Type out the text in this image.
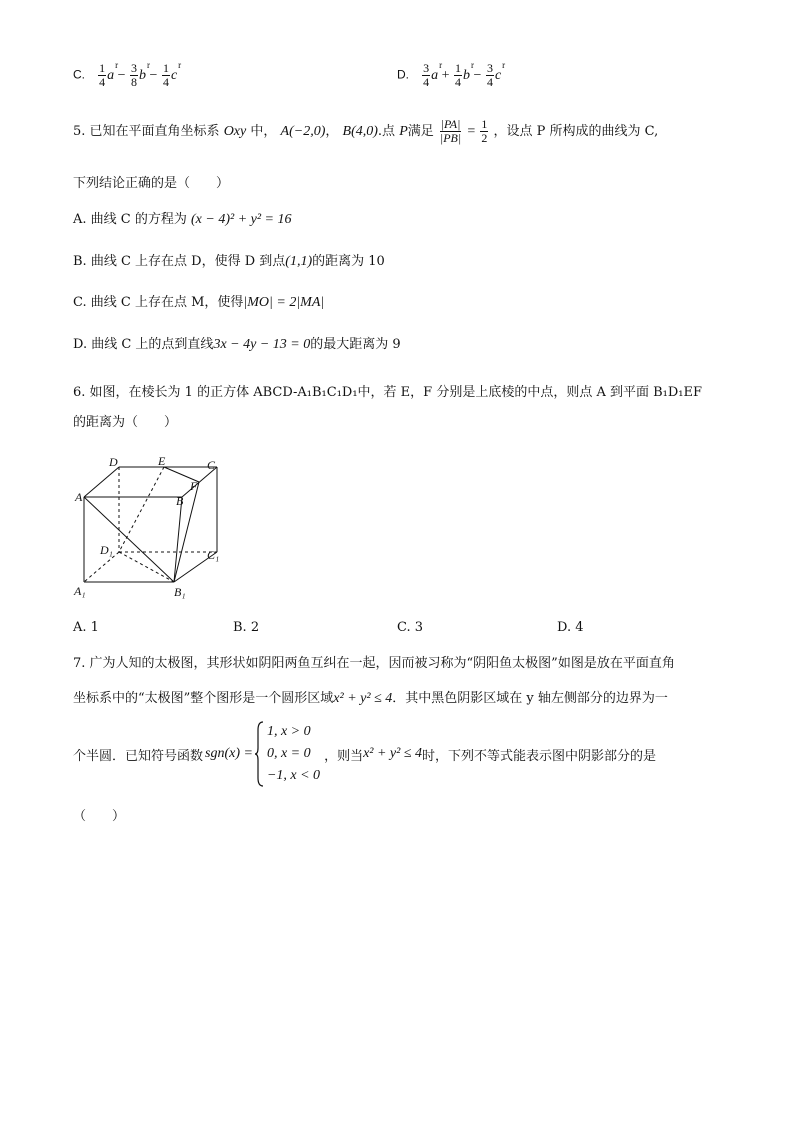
C. $\frac{1}{4}$ a
r
− $\frac{3}{8}$ b
r
− $\frac{1}{4}$ c
r
D. $\frac{3}{4}$ a
r
+ $\frac{1}{4}$ b
r
− $\frac{3}{4}$ c
r
5. 已知在平面直角坐标系 Oxy 中， A(−2,0)， B(4,0).点 P满足 $\frac{|PA|}{|PB|} = \frac{1}{2}$ ，设点 P 所构成的曲线为 C,
下列结论正确的是（　　）
A. 曲线 C 的方程为 (x − 4)² + y² = 16
B. 曲线 C 上存在点 D，使得 D 到点(1,1)的距离为 10
C. 曲线 C 上存在点 M，使得|MO| = 2|MA|
D. 曲线 C 上的点到直线3x − 4y − 13 = 0的最大距离为 9
6. 如图，在棱长为 1 的正方体 ABCD-A₁B₁C₁D₁中，若 E，F 分别是上底棱的中点，则点 A 到平面 B₁D₁EF
的距离为（　　）
D	E	C
A	B
F
D₁	C₁
A₁	B₁
A. 1	B. 2	C. 3	D. 4
7. 广为人知的太极图，其形状如阴阳两鱼互纠在一起，因而被习称为“阴阳鱼太极图”如图是放在平面直角
坐标系中的“太极图”整个图形是一个圆形区域x² + y² ≤ 4．其中黑色阴影区域在 y 轴左侧部分的边界为一
个半圆．已知符号函数 sgn(x) =
1, x > 0
0, x = 0
−1, x < 0
，则当 x² + y² ≤ 4 时，下列不等式能表示图中阴影部分的是
（　　）
